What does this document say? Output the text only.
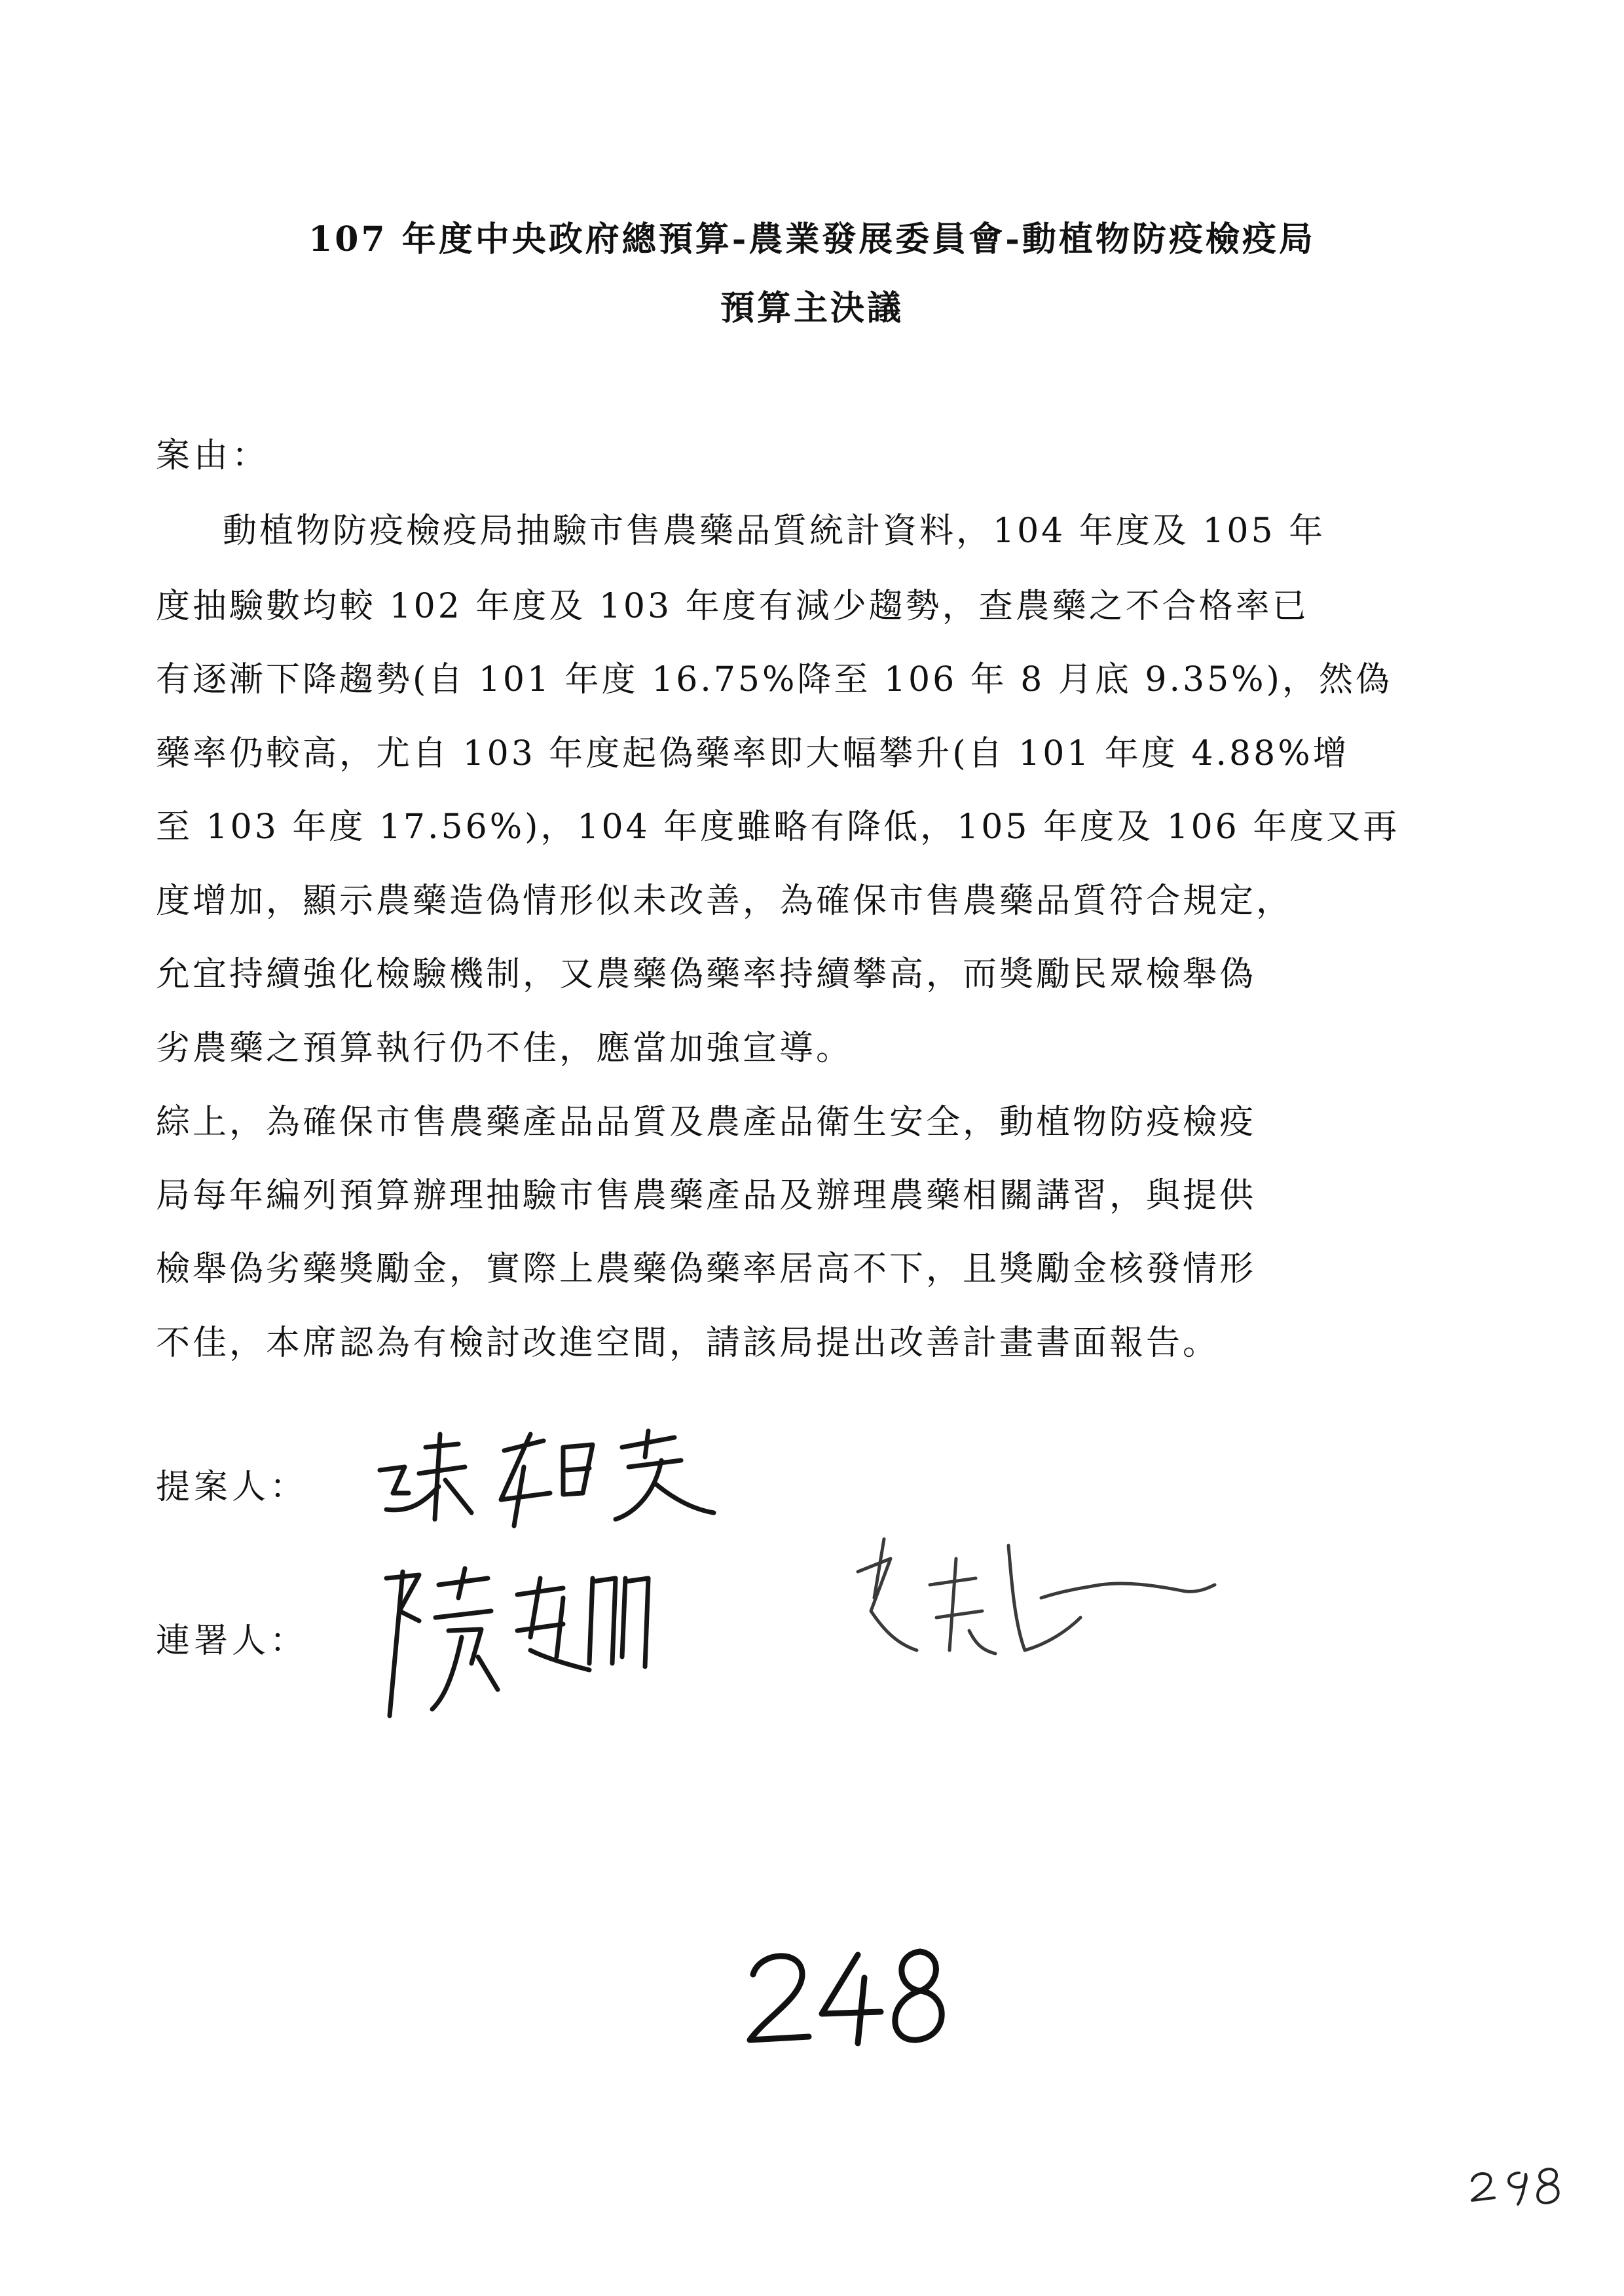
107 年度中央政府總預算-農業發展委員會-動植物防疫檢疫局
預算主決議
案由：
動植物防疫檢疫局抽驗市售農藥品質統計資料，104 年度及 105 年
度抽驗數均較 102 年度及 103 年度有減少趨勢，查農藥之不合格率已
有逐漸下降趨勢(自 101 年度 16.75%降至 106 年 8 月底 9.35%)，然偽
藥率仍較高，尤自 103 年度起偽藥率即大幅攀升(自 101 年度 4.88%增
至 103 年度 17.56%)，104 年度雖略有降低，105 年度及 106 年度又再
度增加，顯示農藥造偽情形似未改善，為確保市售農藥品質符合規定，
允宜持續強化檢驗機制，又農藥偽藥率持續攀高，而獎勵民眾檢舉偽
劣農藥之預算執行仍不佳，應當加強宣導。
綜上，為確保市售農藥產品品質及農產品衛生安全，動植物防疫檢疫
局每年編列預算辦理抽驗市售農藥產品及辦理農藥相關講習，與提供
檢舉偽劣藥獎勵金，實際上農藥偽藥率居高不下，且獎勵金核發情形
不佳，本席認為有檢討改進空間，請該局提出改善計畫書面報告。
提案人：
連署人：
